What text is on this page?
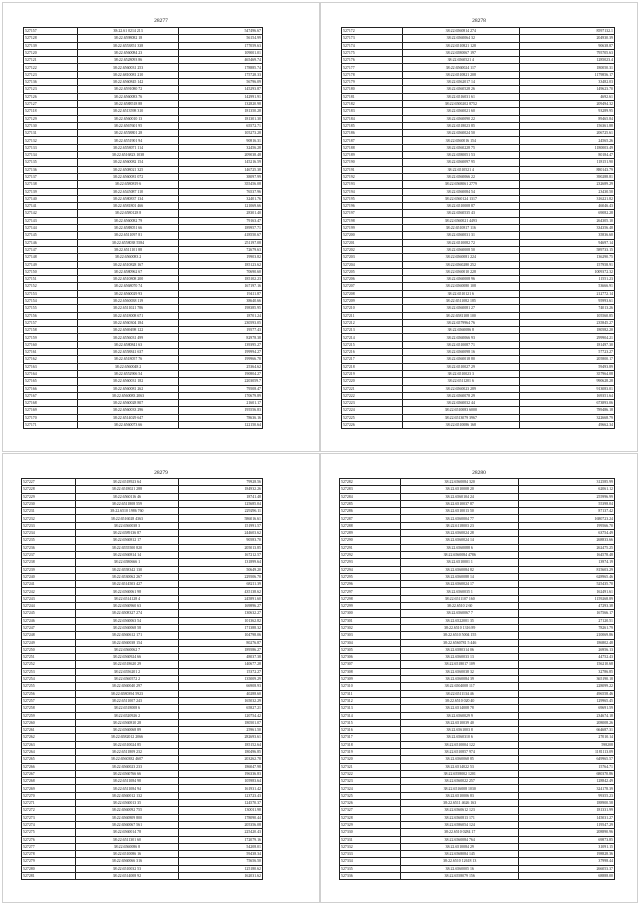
28277
527157	38:22.61 0214 213	547496.67
527128	38:22.6598082 18	56154.99
527139	38:22.6553851 338	177059.63
527120	38:22.6560084 23	109001.01
527121	38:22.6528093 86	465469.74
527122	38:22.6560031 253	178885.74
527123	38:22.6810081 210	175728.33
527136	38:22.6560845 142	56796.09
527123	38:22.6591080 72	145293.87
527126	38:22.6560083 76	142991.91
527127	38:22.6588518 88	132820.98
527118	38:22.6513598 310	181350.28
527129	38:22.6560010 13	181301.30
527130	38:22.6567601 95	65572.71
527131	38:22.6558801 28	105273.28
527132	38:22.6551901 94	90816.31
527133	38:22.6558071 114	32456.28
527134	38:22.6516823 1038	209038.48
527135	38:22.6560082 154	145216.59
527136	38:22.6508021 325	146725.38
527137	38:22.6560081 072	38097.99
527138	38:22.6580819 6	355456.08
527139	38:22.6545087 110	76537.96
527140	38:22.6580837 134	32401.76
527141	38:22.6581801 466	121069.66
527142	38:22.6580128 8	28301.40
527143	38:22.6560082 79	79163.47
527144	38:22.6588051 66	189957.71
527145	38:22.6511097 81	418550.67
527146	38:22.6558038 5584	251197.08
527147	38:22.6511101 88	72679.63
527148	38:22.6560083 2	19903.82
527149	38:22.6510828 167	185123.62
527150	38:22.6580962 67	70690.60
527151	38:22.6510808 200	185102.23
527152	38:22.6568070 74	167197.16
527153	38:22.6560029 93	19411.87
527154	38:22.6560038 119	38640.66
527155	38:22.6511021 786	198385.95
527156	38:22.6518008 671	18701.24
527157	38:22.6560304 184	230593.05
527158	38:22.6569498 122	19577.43
527159	38:22.6556031 499	82978.38
527160	38:22.6580841 63	139395.27
527161	38:22.6558841 637	199994.27
527162	38:22.6518057 76	199966.78
527163	38:22.6560048 2	25364.62
527164	38:22.6552906 54	190804.27
527165	38:22.6560031 182	2203059.7
527166	38:22.6560081 262	79508.47
527167	38:22.6560083 2063	170679.89
527168	38:22.6560028 807	21601.17
527169	38:22.6560033 296	195556.83
527170	38:22.6514029 647	78636.16
527171	38:22.6560073 66	122150.64
28278
527172	38:22.6560814 274	8597132.1
527173	38:22.6560064 32	204930.39
527174	38:22.6510821 128	90638.87
527175	38:22.6580067 197	795705.63
527176	38:22.6560521 4	1285023.4
527177	38:22.6560024 117	180050.31
527178	38:22.6510821 208	1179856.17
527179	38:22.6562017 14	33482.03
527180	38:22.6560528 26	149623.70
527181	38:22.6516031 61	4692.61
527182	38:22.6500202 8752	209494.32
527183	38:22.6560021 60	93289.95
527184	38:22.6560090 22	89465.84
527185	38:22.6518023 85	156361.88
527186	38:22.6560024 50	206725.61
527187	38:22.6560016 154	24565.26
527188	38:22.6560228 75	1180003.49
527189	38:22.6580051 53	80184.47
527190	38:22.6560097 95	118151.90
527191	38:22.6510521 4	880143.79
527192	38:22.6560066 22	390288.81
527193	38:22.6568061 2779	232689.29
527194	38:22.6560084 54	23430.50
527195	38:22.6560124 1317	316221.82
527196	38:22.6510008 87	46046.43
527197	38:22.6560535 43	69082.28
527198	38:22.6560021 4493	264305.10
527199	38:22.6510817 116	334356.48
527200	38:22.6560031 31	35836.60
527201	38:22.6510082 72	94697.14
527202	38:22.6560008 50	589733.15
527203	38:22.6560081 224	136290.75
527204	38:22.6560280 252	157958.91
527205	38:22.6560010 228	1009372.32
527206	38:22.6560008 96	11551.23
527207	38:22.6560080 108	53666.91
527208	38:22.6510121 6	212772.14
527209	38:22.6511082 185	95993.61
527210	38:22.6560081 27	74013.26
527211	38:22.6581108 100	105560.85
527212	38:22.6579964 76	235845.27
527213	38:22.6560086 8	180582.20
527214	38:22.6560066 93	299904.21
527215	38:22.6510087 71	181497.30
527216	38:22.6560098 16	57723.27
527217	38:22.6560018 80	205800.17
527218	38:22.6510027 29	59493.89
527219	38:22.6510023 3	357964.08
527220	38:22.6511201 6	990628.28
527221	38:22.6560023 289	913083.01
527222	38:22.6560078 29	169351.64
527223	38:22.6560032 44	673893.06
527224	38:22.6510083 6000	789486.18
527225	38:22.6513079 3967	322668.79
527226	38:22.6510086 168	49662.34
28279
527227	38:22.6518923 64	79928.56
527228	38:22.6518021 288	184932.26
527229	38:22.6560116 46	18741.48
527230	38:22.6511808 559	125685.04
527231	38:22.6510 1986 760	229296.11
527232	38:22.6516028 4363	586016.61
527233	38:22.6560038 3	151991.57
527234	38:22.6589136 87	244603.62
527235	38:22.6560812 17	90583.70
527236	38:22.6555500 820	205013.85
527237	38:22.6560814 14	167212.57
527238	38:22.6580666 1	131899.64
527239	38:22.6558342 130	50649.20
527240	38:22.6530062 267	229506.70
527241	38:22.6514503 427	68211.39
527242	38:22.6560061 98	435138.62
527243	38:22.6514128 4	245891.60
527244	38:22.6560960 63	169896.27
527245	38:22.6508327 274	130632.27
527246	38:22.6560063 54	101362.82
527247	38:22.6560068 58	171388.32
527248	38:22.6560612 171	104798.06
527249	38:22.6560038 154	80276.87
527250	38:22.6560062 7	189586.27
527251	38:22.6560924 66	48037.38
527252	38:22.6518620 29	140677.28
527253	38:22.6556201 2	15372.27
527254	38:22.6560572 2	135009.29
527255	38:22.6560040 297	66908.93
527256	38:22.6580394 5923	40288.60
527257	38:22.6511007 243	165032.29
527258	38:22.6518008 6	65827.21
527259	38:22.6520926 2	120754.42
527260	38:22.6560810 28	180501.07
527261	38:22.6560068 89	25961.50
527262	38:22.6582012 2066	282693.61
527263	38:22.6510024 85	185152.64
527264	38:22.6511809 232	180496.85
527265	38:22.6560382 4607	203262.78
527266	38:22.6560023 233	186047.98
527267	38:22.6560766 66	196336.83
527268	38:22.6511084 98	105983.64
527269	38:22.6511084 94	161931.42
527270	38:22.6560012 132	123723.43
527271	38:22.6560013 35	124570.37
527272	38:22.6560092 755	130011.98
527273	38:22.6560809 800	178090.44
527274	38:22.6560067 561	205356.08
527275	38:22.6560014 78	225420.43
527276	38:22.6511301 60	172079.16
527277	38:22.6560086 8	54208.01
527278	38:22.6510086 16	59438.34
527279	38:22.6560066 316	75656.50
527280	38:22.6510032 53	125180.62
527281	38:22.6514008 92	162031.62
28280
527282	38:22.6560084 320	312585.99
527283	38:22.6510008 20	62061.12
527284	38:22.6560104 24	255996.99
527285	38:22.6510037 87	55398.04
527286	38:22.6510013 50	87137.42
527287	38:22.6560004 77	1680723.24
527288	38:22.6118003 23	199566.70
527289	38:22.6560024 28	63754.49
527290	38:22.6560024 14	268833.66
527291	38:22.6560088 6	262475.25
527292	38:22.6560084 4786	164578.48
527293	38:22.6510001 1	13974.19
527294	38:22.6560084 82	815603.29
527295	38:22.6560088 14	628965.46
527296	38:22.6560024 17	525435.70
527297	38:22.6560035 1	162491.61
527298	38:22.6511107 160	1159268.89
527299	38:22.6510 2 60	47293.38
527300	38:22.6560067 7	167566.17
527301	38:22.6522001 35	27120.51
527302	38:22.6510 1316 89	78261.79
527303	38:22.6510 5004 155	210069.86
527304	38:22.6560781 5 446	186802.48
527305	38:22.6580314 06	26956.13
527306	38:22.6560033 13	44752.43
527307	38:22.6518017 109	156210.68
527308	38:22.6560038 32	32786.85
527309	38:22.6560084 39	365190.18
527310	38:22.6504008 117	228099.22
527311	38:22.6511134 46	496558.46
527312	38:22.6510 020 40	129965.45
527313	38:22.6514008 78	69691.59
527314	38:22.6560029 9	234674.18
527315	38:22.6510039 40	208008.26
527316	38:22.6561003 8	664687.31
527317	38:22.6560310 6	27010.14
527318	38:22.6510004 122	598208
527319	38:22.6510857 974	1181113.09
527320	38:22.6560068 85	649965.57
527321	38:22.6514022 53	15764.71
527322	38:22.6558002 1201	680370.86
527323	38:22.6560022 257	128842.49
527324	38:22.6516008 1030	324178.39
527325	38:22.6510006 83	99355.23
527326	38:22.6511 4626 163	188900.58
527327	38:22.6560612 123	181331.99
527328	38:22.6560813 171	145031.27
527329	38:22.6586054 124	119547.29
527330	38:22.6510 0284 17	208890.96
527331	38:22.6560084 764	69873.85
527332	38:22.6510084 29	31091.15
527333	38:22.6568084 145	198828.36
527334	38:22.6510 12618 13	37998.44
527335	38:22.6560005 16	266053.37
527336	38:22.6558079 156	68888.00
